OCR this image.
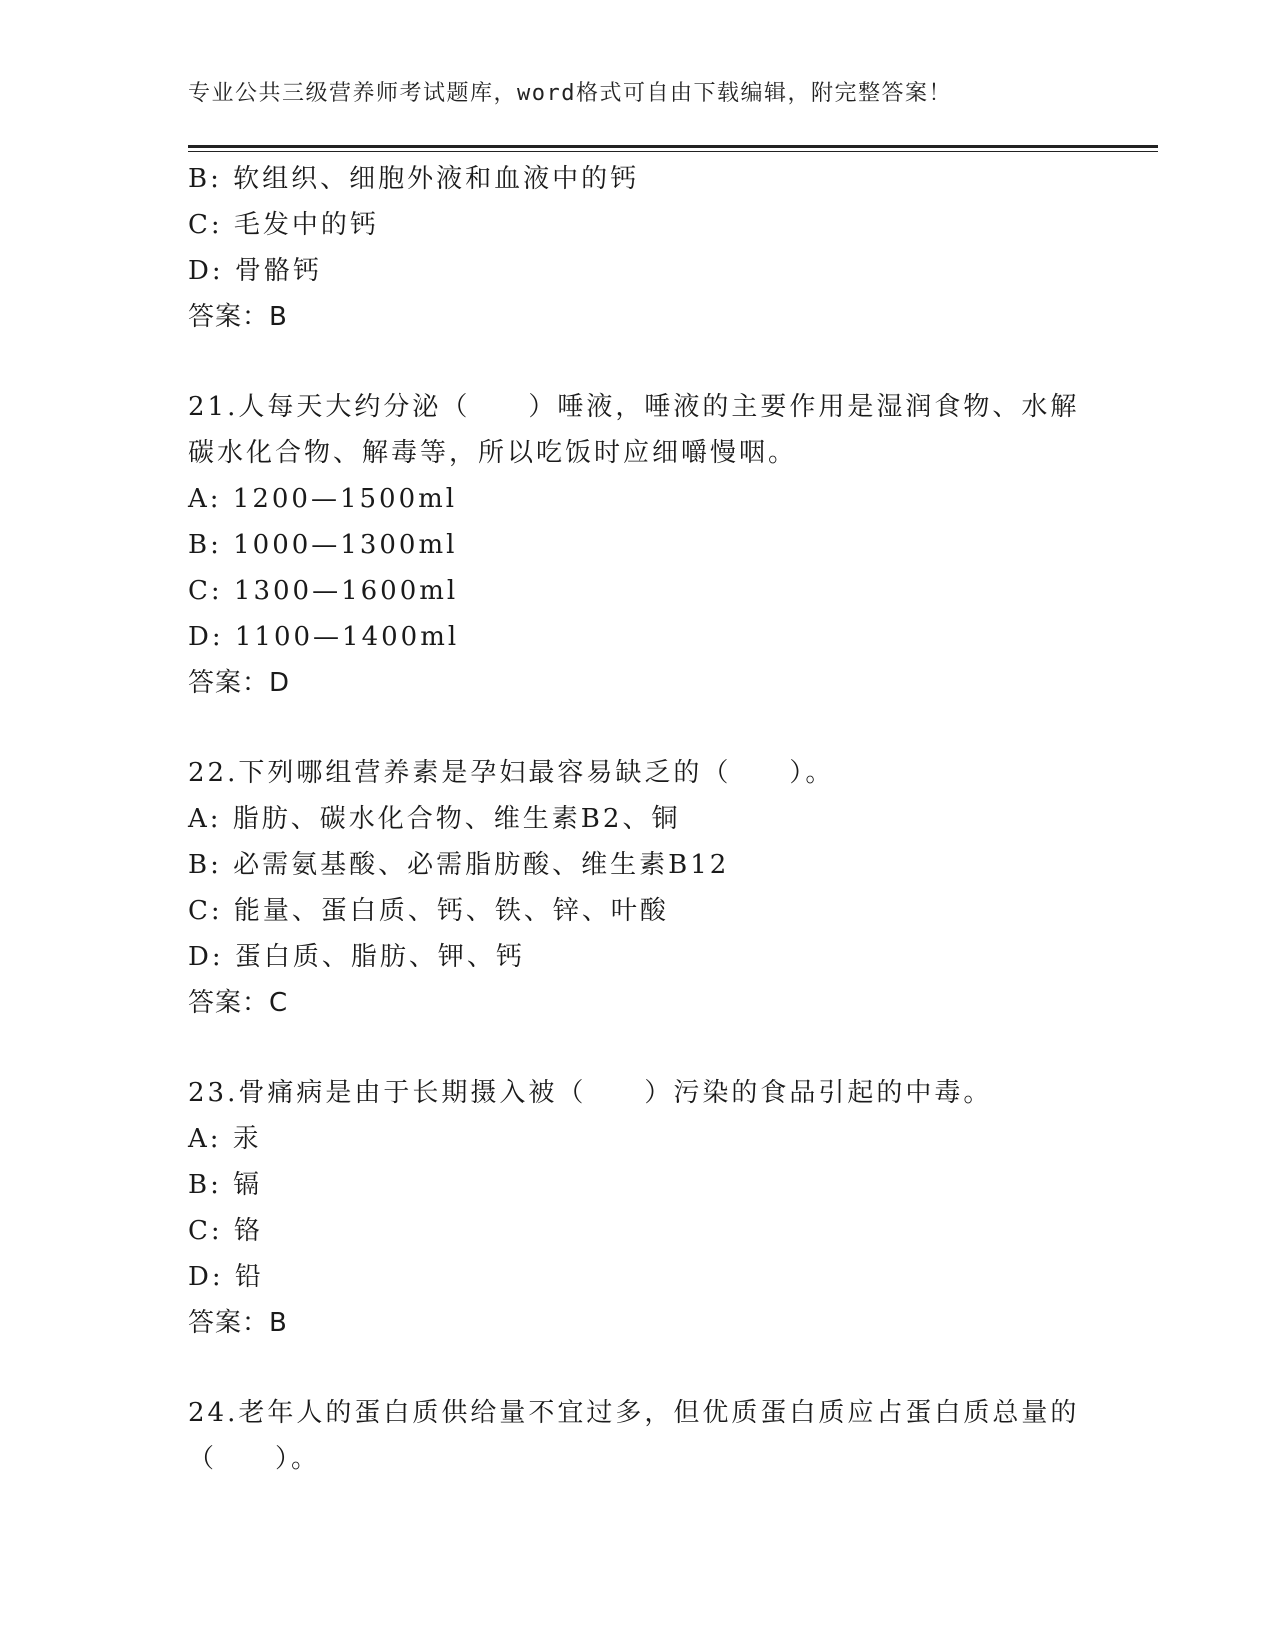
专业公共三级营养师考试题库，word格式可自由下载编辑，附完整答案！
B: 软组织、细胞外液和血液中的钙
C: 毛发中的钙
D: 骨骼钙
答案：B
21.人每天大约分泌（　　）唾液，唾液的主要作用是湿润食物、水解
碳水化合物、解毒等，所以吃饭时应细嚼慢咽。
A: 1200—1500ml
B: 1000—1300ml
C: 1300—1600ml
D: 1100—1400ml
答案：D
22.下列哪组营养素是孕妇最容易缺乏的（　　）。
A: 脂肪、碳水化合物、维生素B2、铜
B: 必需氨基酸、必需脂肪酸、维生素B12
C: 能量、蛋白质、钙、铁、锌、叶酸
D: 蛋白质、脂肪、钾、钙
答案：C
23.骨痛病是由于长期摄入被（　　）污染的食品引起的中毒。
A: 汞
B: 镉
C: 铬
D: 铅
答案：B
24.老年人的蛋白质供给量不宜过多，但优质蛋白质应占蛋白质总量的
（　　）。
